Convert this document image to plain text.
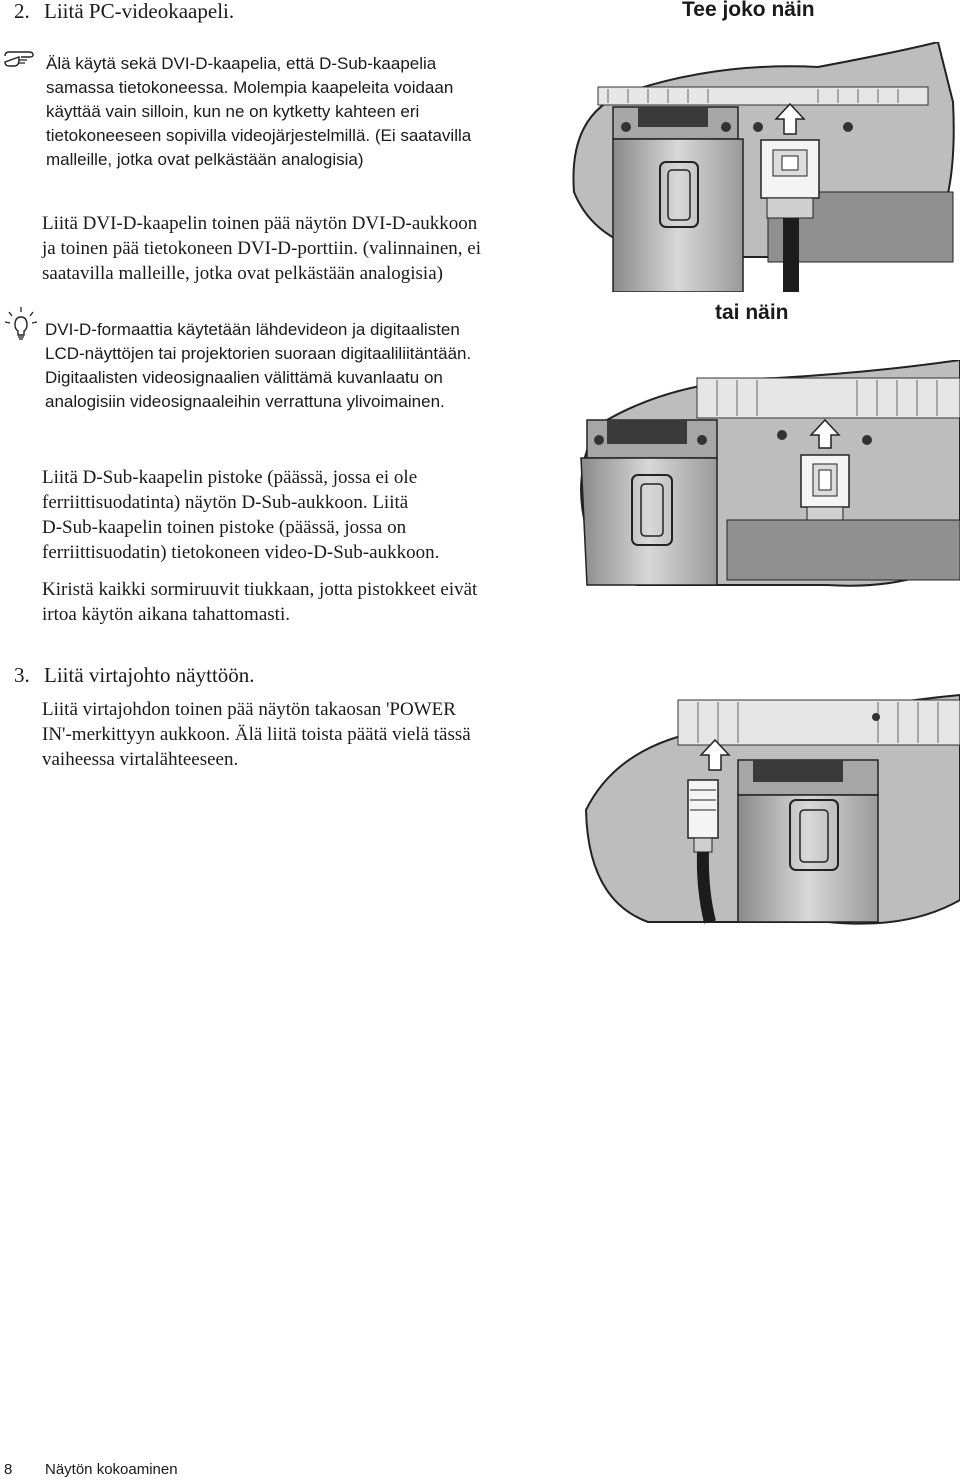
2. Liitä PC-videokaapeli.	Tee joko näin

Älä käytä sekä DVI-D-kaapelia, että D-Sub-kaapelia

samassa tietokoneessa. Molempia kaapeleita voidaan

käyttää vain silloin, kun ne on kytketty kahteen eri

tietokoneeseen sopivilla videojärjestelmillä. (Ei saatavilla

malleille, jotka ovat pelkästään analogisia)

Liitä DVI-D-kaapelin toinen pää näytön DVI-D-aukkoon

ja toinen pää tietokoneen DVI-D-porttiin. (valinnainen, ei

saatavilla malleille, jotka ovat pelkästään analogisia)

DVI-D-formaattia käytetään lähdevideon ja digitaalisten

LCD-näyttöjen tai projektorien suoraan digitaaliliitäntään.

Digitaalisten videosignaalien välittämä kuvanlaatu on

analogisiin videosignaaleihin verrattuna ylivoimainen.

tai näin

Liitä D-Sub-kaapelin pistoke (päässä, jossa ei ole

ferriittisuodatinta) näytön D-Sub-aukkoon. Liitä

D-Sub-kaapelin toinen pistoke (päässä, jossa on

ferriittisuodatin) tietokoneen video-D-Sub-aukkoon.

Kiristä kaikki sormiruuvit tiukkaan, jotta pistokkeet eivät

irtoa käytön aikana tahattomasti.

3. Liitä virtajohto näyttöön.

Liitä virtajohdon toinen pää näytön takaosan 'POWER

IN'-merkittyyn aukkoon. Älä liitä toista päätä vielä tässä

vaiheessa virtalähteeseen.

8 Näytön kokoaminen
